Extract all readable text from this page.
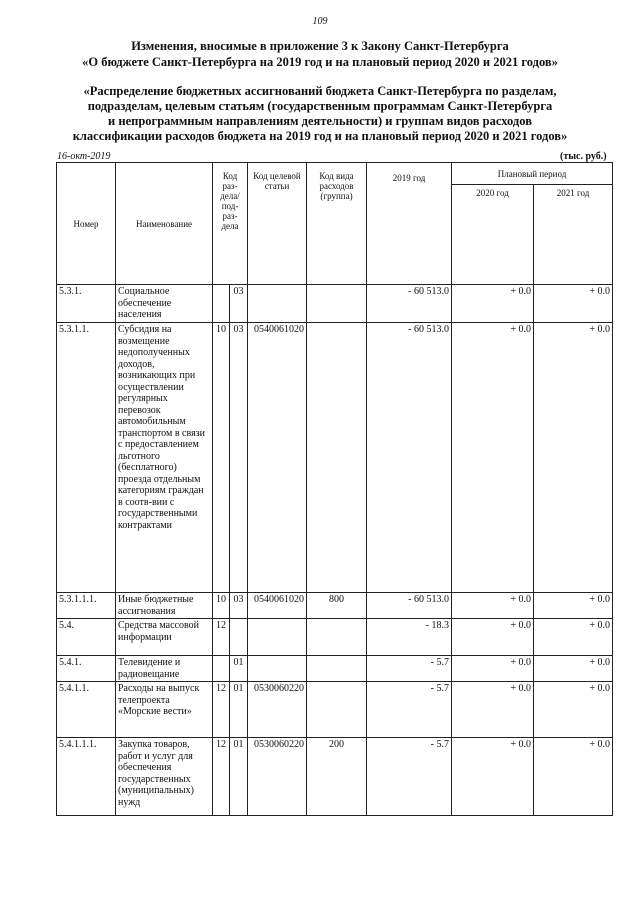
109
Изменения, вносимые в приложение 3 к Закону Санкт-Петербурга
«О бюджете Санкт-Петербурга на 2019 год и на плановый период 2020 и 2021 годов»
«Распределение бюджетных ассигнований бюджета Санкт-Петербурга по разделам,
подразделам, целевым статьям (государственным программам Санкт-Петербурга
и непрограммным направлениям деятельности) и группам видов расходов
классификации расходов бюджета на 2019 год и на плановый период 2020 и 2021 годов»
16-окт-2019	(тыс. руб.)
Номер	Наименование	Код раз-дела/ под-раз-дела		Код целевой статьи	Код вида расходов (группа)	2019 год	Плановый период	
							2020 год	2021 год
5.3.1.	Социальное обеспечение населения		03			- 60 513.0	+ 0.0	+ 0.0
5.3.1.1.	Субсидия на возмещение недополученных доходов, возникающих при осуществлении регулярных перевозок автомобильным транспортом в связи с предоставлением льготного (бесплатного) проезда отдельным категориям граждан в соотв-вии с государственными контрактами	10	03	0540061020		- 60 513.0	+ 0.0	+ 0.0
5.3.1.1.1.	Иные бюджетные ассигнования	10	03	0540061020	800	- 60 513.0	+ 0.0	+ 0.0
5.4.	Средства массовой информации	12				- 18.3	+ 0.0	+ 0.0
5.4.1.	Телевидение и радиовещание		01			- 5.7	+ 0.0	+ 0.0
5.4.1.1.	Расходы на выпуск телепроекта «Морские вести»	12	01	0530060220		- 5.7	+ 0.0	+ 0.0
5.4.1.1.1.	Закупка товаров, работ и услуг для обеспечения государственных (муниципальных) нужд	12	01	0530060220	200	- 5.7	+ 0.0	+ 0.0
